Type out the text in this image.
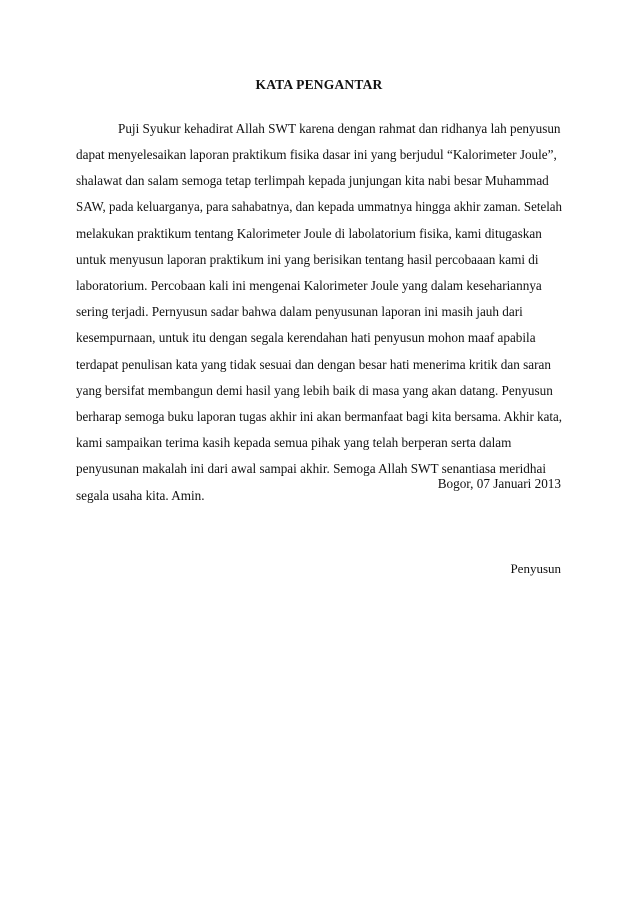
KATA PENGANTAR
Puji Syukur kehadirat Allah SWT karena dengan rahmat dan ridhanya lah penyusun
dapat menyelesaikan laporan praktikum fisika dasar ini yang berjudul “Kalorimeter Joule”,
shalawat dan salam semoga tetap terlimpah kepada junjungan kita nabi besar Muhammad
SAW, pada keluarganya, para sahabatnya, dan kepada ummatnya hingga akhir zaman. Setelah
melakukan praktikum tentang Kalorimeter Joule di labolatorium fisika, kami ditugaskan
untuk menyusun laporan praktikum ini yang berisikan tentang hasil percobaaan kami di
laboratorium. Percobaan kali ini mengenai Kalorimeter Joule yang dalam kesehariannya
sering terjadi. Pernyusun sadar bahwa dalam penyusunan laporan ini masih jauh dari
kesempurnaan, untuk itu dengan segala kerendahan hati penyusun mohon maaf apabila
terdapat penulisan kata yang tidak sesuai dan dengan besar hati menerima kritik dan saran
yang bersifat membangun demi hasil yang lebih baik di masa yang akan datang. Penyusun
berharap semoga buku laporan tugas akhir ini akan bermanfaat bagi kita bersama. Akhir kata,
kami sampaikan terima kasih kepada semua pihak yang telah berperan serta dalam
penyusunan makalah ini dari awal sampai akhir. Semoga Allah SWT senantiasa meridhai
segala usaha kita. Amin.
Bogor, 07 Januari 2013
Penyusun
